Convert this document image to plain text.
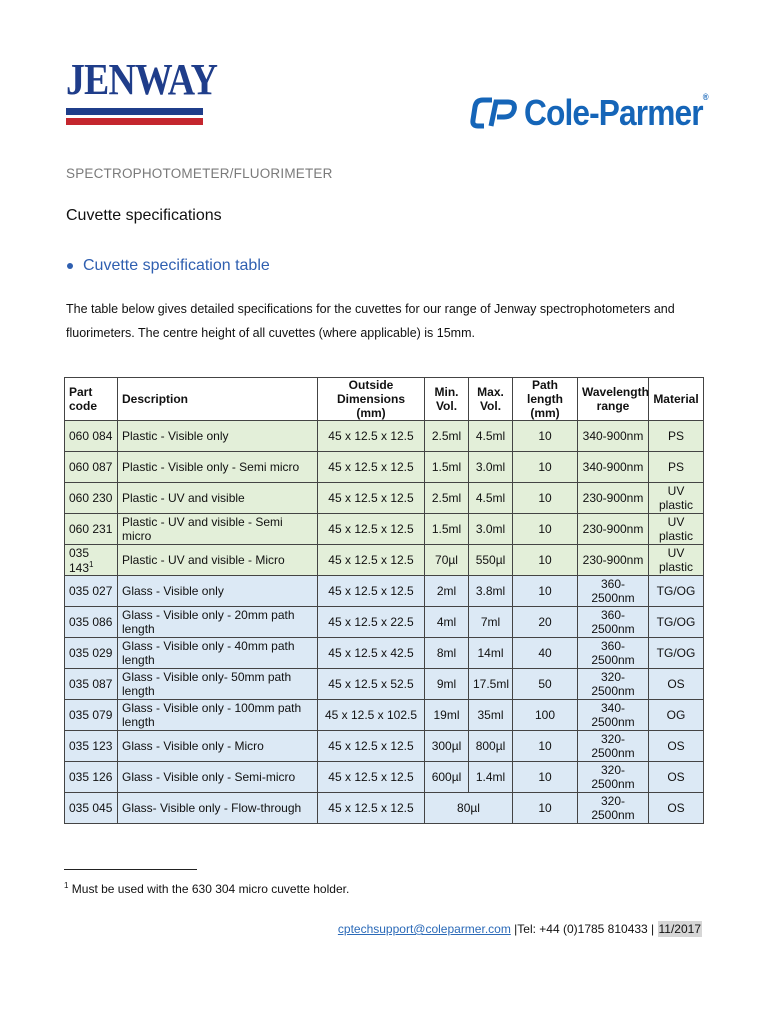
JENWAY
Cole-Parmer®
SPECTROPHOTOMETER/FLUORIMETER
Cuvette specifications
Cuvette specification table
The table below gives detailed specifications for the cuvettes for our range of Jenway spectrophotometers and fluorimeters. The centre height of all cuvettes (where applicable) is 15mm.
Part code	Description	Outside Dimensions (mm)	Min. Vol.	Max. Vol.	Path length (mm)	Wavelength range	Material
060 084	Plastic - Visible only	45 x 12.5 x 12.5	2.5ml	4.5ml	10	340-900nm	PS
060 087	Plastic - Visible only - Semi micro	45 x 12.5 x 12.5	1.5ml	3.0ml	10	340-900nm	PS
060 230	Plastic - UV and visible	45 x 12.5 x 12.5	2.5ml	4.5ml	10	230-900nm	UV plastic
060 231	Plastic - UV and visible - Semi micro	45 x 12.5 x 12.5	1.5ml	3.0ml	10	230-900nm	UV plastic
035 $143^1$	Plastic - UV and visible - Micro	45 x 12.5 x 12.5	70µl	550µl	10	230-900nm	UV plastic
035 027	Glass - Visible only	45 x 12.5 x 12.5	2ml	3.8ml	10	360-2500nm	TG/OG
035 086	Glass - Visible only - 20mm path length	45 x 12.5 x 22.5	4ml	7ml	20	360-2500nm	TG/OG
035 029	Glass - Visible only - 40mm path length	45 x 12.5 x 42.5	8ml	14ml	40	360-2500nm	TG/OG
035 087	Glass - Visible only- 50mm path length	45 x 12.5 x 52.5	9ml	17.5ml	50	320-2500nm	OS
035 079	Glass - Visible only - 100mm path length	45 x 12.5 x 102.5	19ml	35ml	100	340-2500nm	OG
035 123	Glass - Visible only - Micro	45 x 12.5 x 12.5	300µl	800µl	10	320-2500nm	OS
035 126	Glass - Visible only - Semi-micro	45 x 12.5 x 12.5	600µl	1.4ml	10	320-2500nm	OS
035 045	Glass- Visible only - Flow-through	45 x 12.5 x 12.5	80µl		10	320-2500nm	OS
$^1$ Must be used with the 630 304 micro cuvette holder.
cptechsupport@coleparmer.com |Tel: +44 (0)1785 810433 | 11/2017
